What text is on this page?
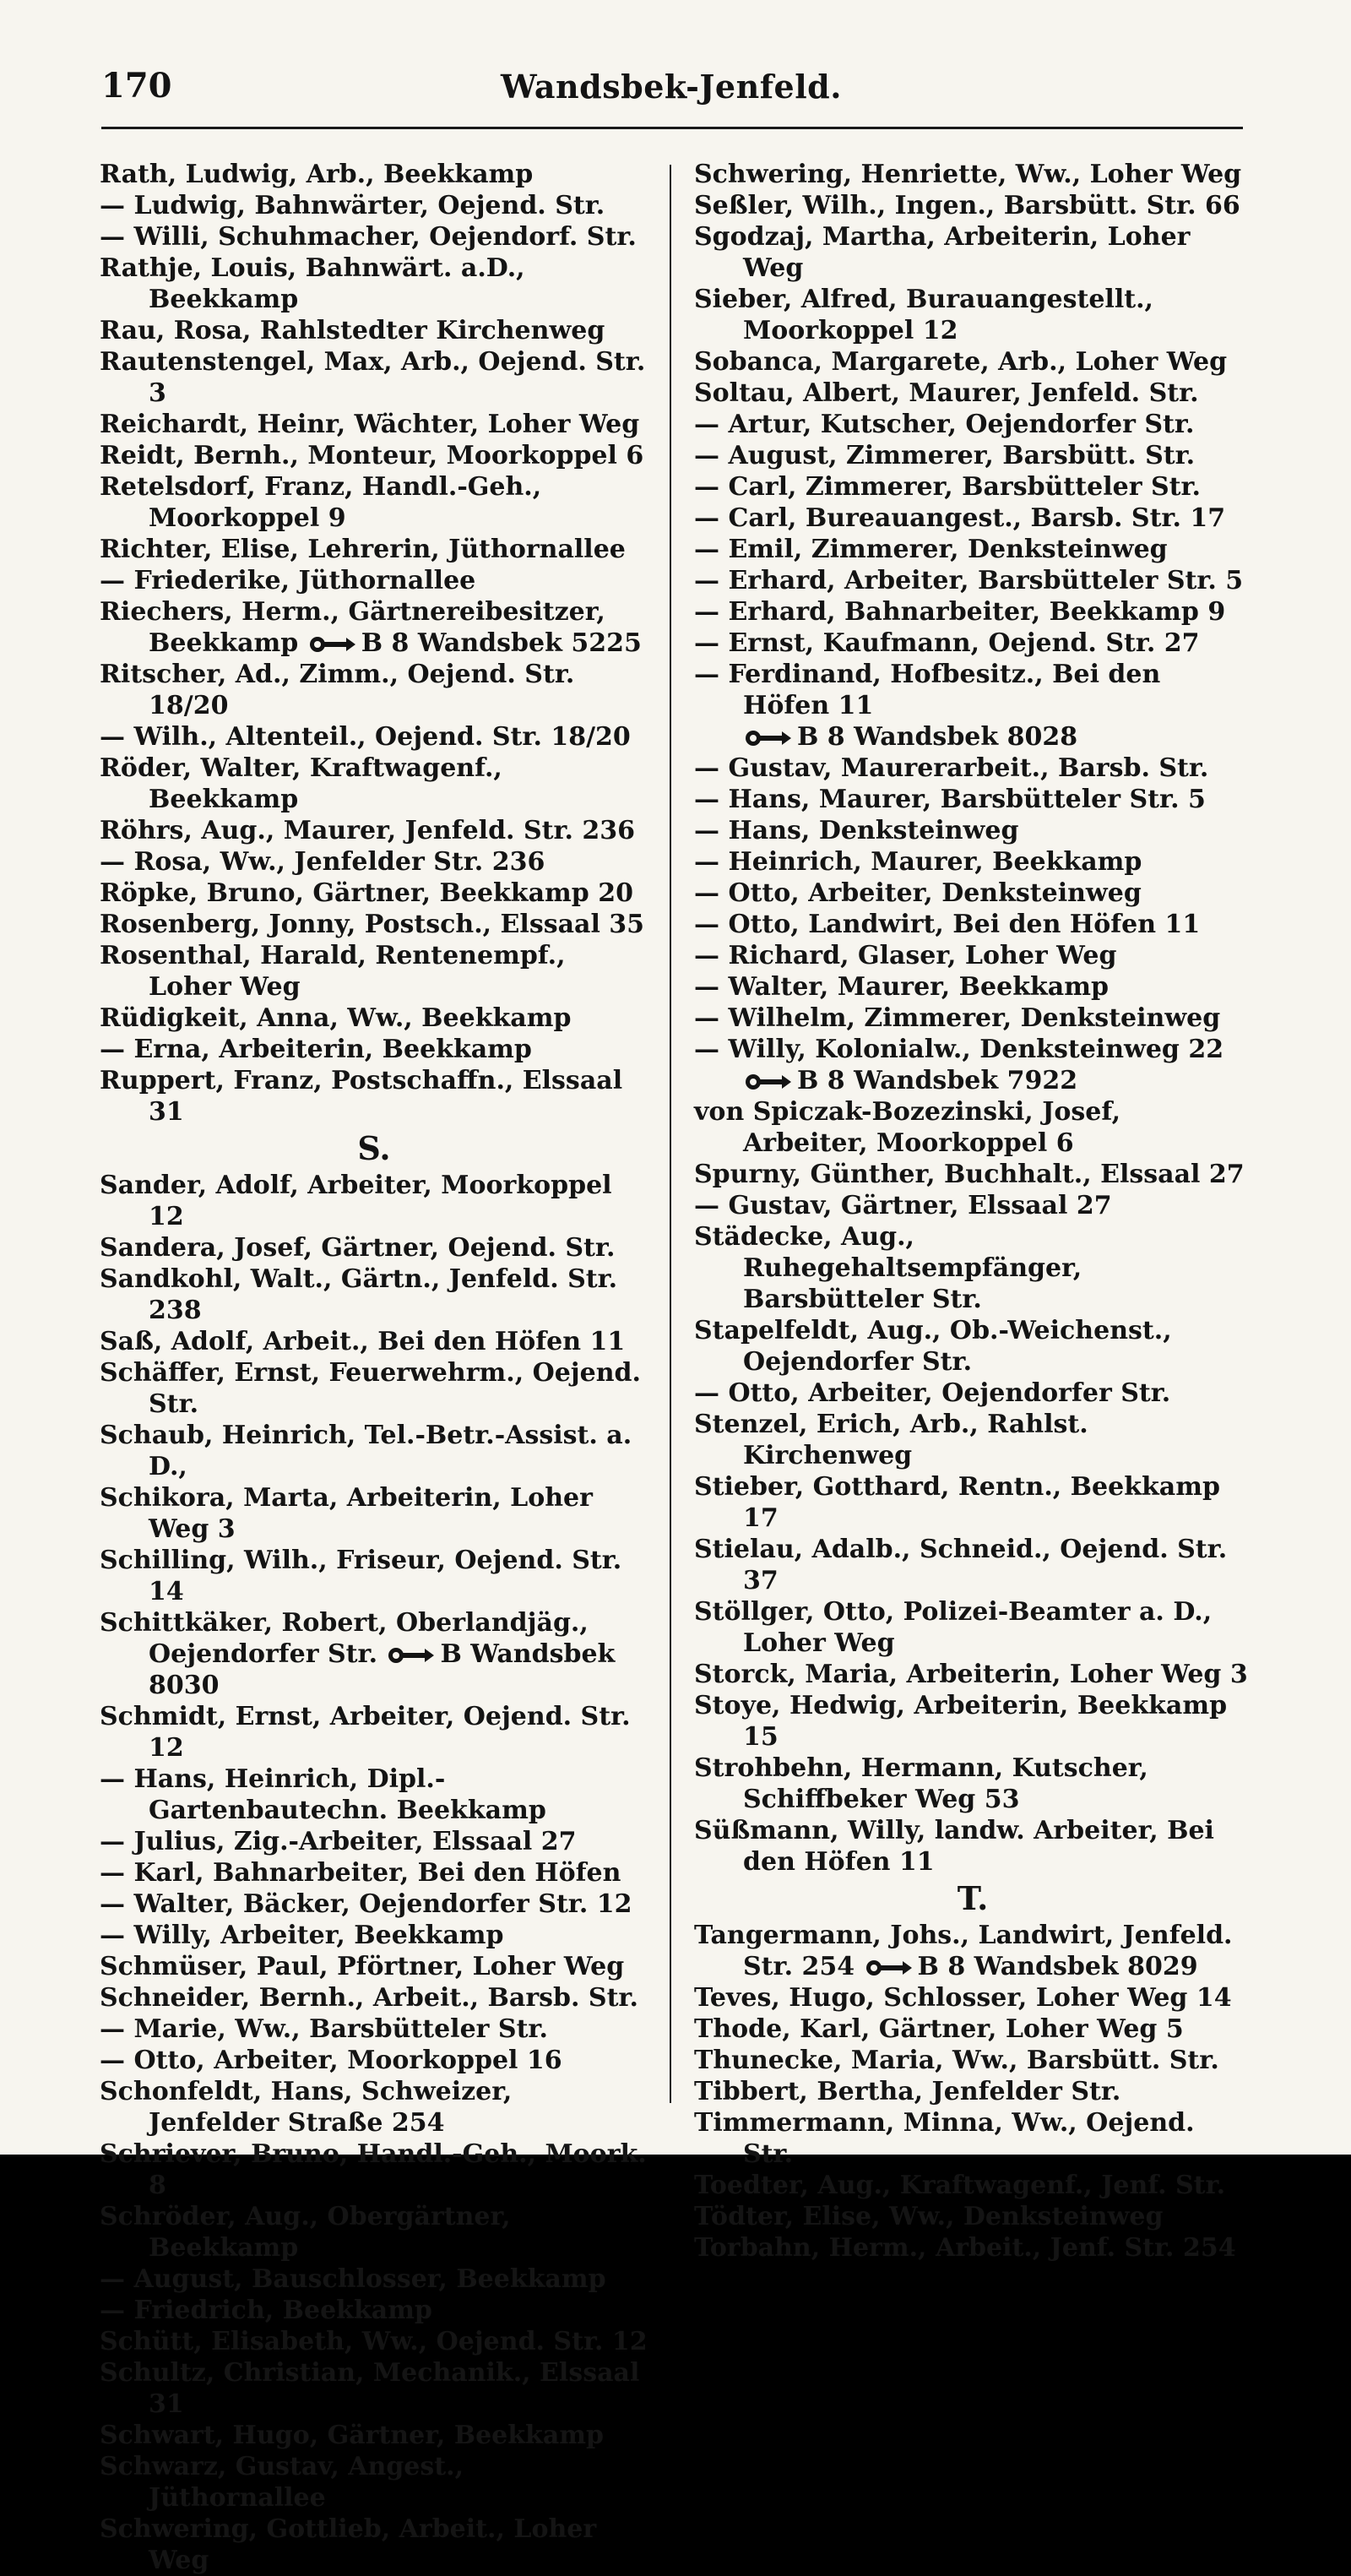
170	Wandsbek-Jenfeld.
Rath, Ludwig, Arb., Beekkamp
— Ludwig, Bahnwärter, Oejend. Str.
— Willi, Schuhmacher, Oejendorf. Str.
Rathje, Louis, Bahnwärt. a.D., Beekkamp
Rau, Rosa, Rahlstedter Kirchenweg
Rautenstengel, Max, Arb., Oejend. Str. 3
Reichardt, Heinr, Wächter, Loher Weg
Reidt, Bernh., Monteur, Moorkoppel 6
Retelsdorf, Franz, Handl.-Geh., Moorkoppel 9
Richter, Elise, Lehrerin, Jüthornallee
— Friederike, Jüthornallee
Riechers, Herm., Gärtnereibesitzer, Beekkamp B 8 Wandsbek 5225
Ritscher, Ad., Zimm., Oejend. Str. 18/20
— Wilh., Altenteil., Oejend. Str. 18/20
Röder, Walter, Kraftwagenf., Beekkamp
Röhrs, Aug., Maurer, Jenfeld. Str. 236
— Rosa, Ww., Jenfelder Str. 236
Röpke, Bruno, Gärtner, Beekkamp 20
Rosenberg, Jonny, Postsch., Elssaal 35
Rosenthal, Harald, Rentenempf., Loher Weg
Rüdigkeit, Anna, Ww., Beekkamp
— Erna, Arbeiterin, Beekkamp
Ruppert, Franz, Postschaffn., Elssaal 31
S.
Sander, Adolf, Arbeiter, Moorkoppel 12
Sandera, Josef, Gärtner, Oejend. Str.
Sandkohl, Walt., Gärtn., Jenfeld. Str. 238
Saß, Adolf, Arbeit., Bei den Höfen 11
Schäffer, Ernst, Feuerwehrm., Oejend. Str.
Schaub, Heinrich, Tel.-Betr.-Assist. a. D.,
Schikora, Marta, Arbeiterin, Loher Weg 3
Schilling, Wilh., Friseur, Oejend. Str. 14
Schittkäker, Robert, Oberlandjäg., Oejendorfer Str. B Wandsbek 8030
Schmidt, Ernst, Arbeiter, Oejend. Str. 12
— Hans, Heinrich, Dipl.-Gartenbautechn. Beekkamp
— Julius, Zig.-Arbeiter, Elssaal 27
— Karl, Bahnarbeiter, Bei den Höfen
— Walter, Bäcker, Oejendorfer Str. 12
— Willy, Arbeiter, Beekkamp
Schmüser, Paul, Pförtner, Loher Weg
Schneider, Bernh., Arbeit., Barsb. Str.
— Marie, Ww., Barsbütteler Str.
— Otto, Arbeiter, Moorkoppel 16
Schonfeldt, Hans, Schweizer, Jenfelder Straße 254
Schriever, Bruno, Handl.-Geh., Moork. 8
Schröder, Aug., Obergärtner, Beekkamp
— August, Bauschlosser, Beekkamp
— Friedrich, Beekkamp
Schütt, Elisabeth, Ww., Oejend. Str. 12
Schultz, Christian, Mechanik., Elssaal 31
Schwart, Hugo, Gärtner, Beekkamp
Schwarz, Gustav, Angest., Jüthornallee
Schwering, Gottlieb, Arbeit., Loher Weg
Schwering, Henriette, Ww., Loher Weg
Seßler, Wilh., Ingen., Barsbütt. Str. 66
Sgodzaj, Martha, Arbeiterin, Loher Weg
Sieber, Alfred, Burauangestellt., Moorkoppel 12
Sobanca, Margarete, Arb., Loher Weg
Soltau, Albert, Maurer, Jenfeld. Str.
— Artur, Kutscher, Oejendorfer Str.
— August, Zimmerer, Barsbütt. Str.
— Carl, Zimmerer, Barsbütteler Str.
— Carl, Bureauangest., Barsb. Str. 17
— Emil, Zimmerer, Denksteinweg
— Erhard, Arbeiter, Barsbütteler Str. 5
— Erhard, Bahnarbeiter, Beekkamp 9
— Ernst, Kaufmann, Oejend. Str. 27
— Ferdinand, Hofbesitz., Bei den Höfen 11
B 8 Wandsbek 8028
— Gustav, Maurerarbeit., Barsb. Str.
— Hans, Maurer, Barsbütteler Str. 5
— Hans, Denksteinweg
— Heinrich, Maurer, Beekkamp
— Otto, Arbeiter, Denksteinweg
— Otto, Landwirt, Bei den Höfen 11
— Richard, Glaser, Loher Weg
— Walter, Maurer, Beekkamp
— Wilhelm, Zimmerer, Denksteinweg
— Willy, Kolonialw., Denksteinweg 22
B 8 Wandsbek 7922
von Spiczak-Bozezinski, Josef, Arbeiter, Moorkoppel 6
Spurny, Günther, Buchhalt., Elssaal 27
— Gustav, Gärtner, Elssaal 27
Städecke, Aug., Ruhegehaltsempfänger, Barsbütteler Str.
Stapelfeldt, Aug., Ob.-Weichenst., Oejendorfer Str.
— Otto, Arbeiter, Oejendorfer Str.
Stenzel, Erich, Arb., Rahlst. Kirchenweg
Stieber, Gotthard, Rentn., Beekkamp 17
Stielau, Adalb., Schneid., Oejend. Str. 37
Stöllger, Otto, Polizei-Beamter a. D., Loher Weg
Storck, Maria, Arbeiterin, Loher Weg 3
Stoye, Hedwig, Arbeiterin, Beekkamp 15
Strohbehn, Hermann, Kutscher, Schiffbeker Weg 53
Süßmann, Willy, landw. Arbeiter, Bei den Höfen 11
T.
Tangermann, Johs., Landwirt, Jenfeld. Str. 254 B 8 Wandsbek 8029
Teves, Hugo, Schlosser, Loher Weg 14
Thode, Karl, Gärtner, Loher Weg 5
Thunecke, Maria, Ww., Barsbütt. Str.
Tibbert, Bertha, Jenfelder Str.
Timmermann, Minna, Ww., Oejend. Str.
Toedter, Aug., Kraftwagenf., Jenf. Str.
Tödter, Elise, Ww., Denksteinweg
Torbahn, Herm., Arbeit., Jenf. Str. 254
